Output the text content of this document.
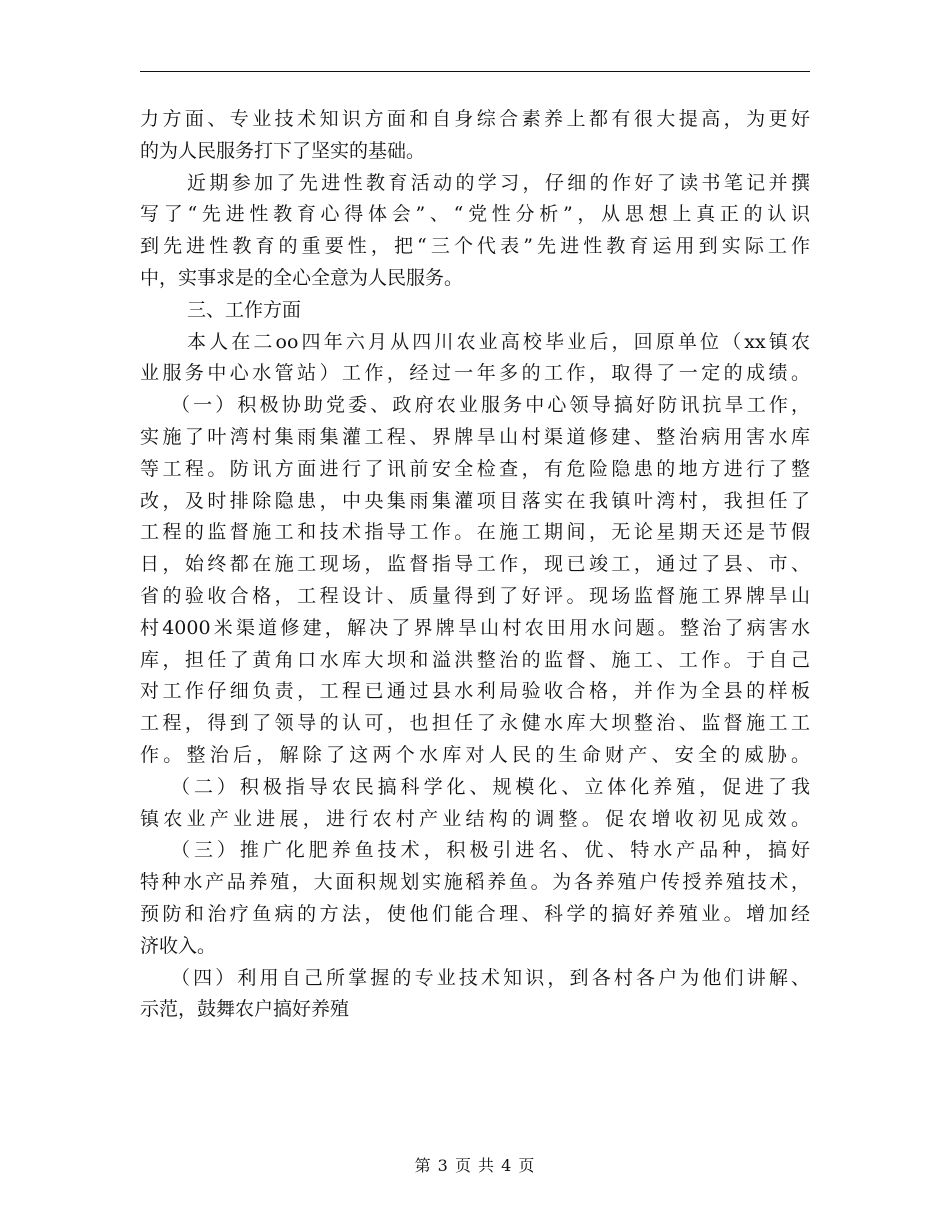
力方面、专业技术知识方面和自身综合素养上都有很大提高，为更好
的为人民服务打下了坚实的基础。
近期参加了先进性教育活动的学习，仔细的作好了读书笔记并撰
写了“先进性教育心得体会”、“党性分析”，从思想上真正的认识
到先进性教育的重要性，把“三个代表”先进性教育运用到实际工作
中，实事求是的全心全意为人民服务。
三、工作方面
本人在二oo四年六月从四川农业高校毕业后，回原单位（xx镇农
业服务中心水管站）工作，经过一年多的工作，取得了一定的成绩。
（一）积极协助党委、政府农业服务中心领导搞好防讯抗旱工作，
实施了叶湾村集雨集灌工程、界牌旱山村渠道修建、整治病用害水库
等工程。防讯方面进行了讯前安全检查，有危险隐患的地方进行了整
改，及时排除隐患，中央集雨集灌项目落实在我镇叶湾村，我担任了
工程的监督施工和技术指导工作。在施工期间，无论星期天还是节假
日，始终都在施工现场，监督指导工作，现已竣工，通过了县、市、
省的验收合格，工程设计、质量得到了好评。现场监督施工界牌旱山
村4000米渠道修建，解决了界牌旱山村农田用水问题。整治了病害水
库，担任了黄角口水库大坝和溢洪整治的监督、施工、工作。于自己
对工作仔细负责，工程已通过县水利局验收合格，并作为全县的样板
工程，得到了领导的认可，也担任了永健水库大坝整治、监督施工工
作。整治后，解除了这两个水库对人民的生命财产、安全的威胁。
（二）积极指导农民搞科学化、规模化、立体化养殖，促进了我
镇农业产业进展，进行农村产业结构的调整。促农增收初见成效。
（三）推广化肥养鱼技术，积极引进名、优、特水产品种，搞好
特种水产品养殖，大面积规划实施稻养鱼。为各养殖户传授养殖技术，
预防和治疗鱼病的方法，使他们能合理、科学的搞好养殖业。增加经
济收入。
（四）利用自己所掌握的专业技术知识，到各村各户为他们讲解、
示范，鼓舞农户搞好养殖
第 3 页 共 4 页
